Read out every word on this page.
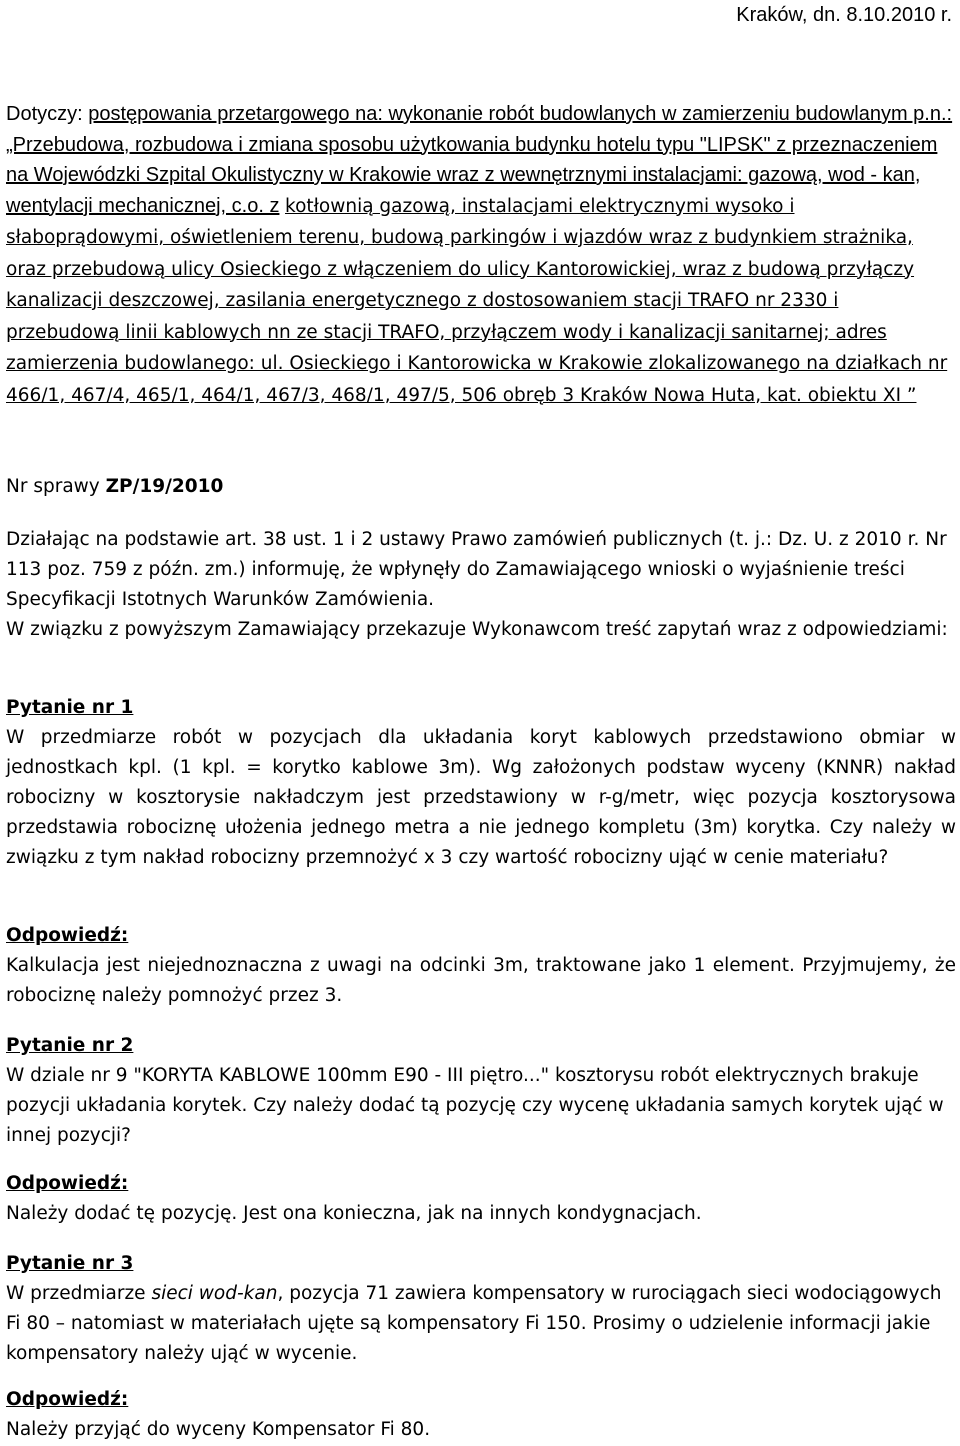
Kraków, dn. 8.10.2010 r.
Dotyczy: postępowania przetargowego na: wykonanie robót budowlanych w zamierzeniu budowlanym p.n.: „Przebudowa, rozbudowa i zmiana sposobu użytkowania budynku hotelu typu "LIPSK" z przeznaczeniem na Wojewódzki Szpital Okulistyczny w Krakowie wraz z wewnętrznymi instalacjami: gazową, wod - kan, wentylacji mechanicznej, c.o. z kotłownią gazową, instalacjami elektrycznymi wysoko i słaboprądowymi, oświetleniem terenu, budową parkingów i wjazdów wraz z budynkiem strażnika, oraz przebudową ulicy Osieckiego z włączeniem do ulicy Kantorowickiej, wraz z budową przyłączy kanalizacji deszczowej, zasilania energetycznego z dostosowaniem stacji TRAFO nr 2330 i przebudową linii kablowych nn ze stacji TRAFO, przyłączem wody i kanalizacji sanitarnej; adres zamierzenia budowlanego: ul. Osieckiego i Kantorowicka w Krakowie zlokalizowanego na działkach nr 466/1, 467/4, 465/1, 464/1, 467/3, 468/1, 497/5, 506 obręb 3 Kraków Nowa Huta, kat. obiektu XI ”
Nr sprawy ZP/19/2010

Działając na podstawie art. 38 ust. 1 i 2 ustawy Prawo zamówień publicznych (t. j.: Dz. U. z 2010 r. Nr 113 poz. 759 z późn. zm.) informuję, że wpłynęły do Zamawiającego wnioski o wyjaśnienie treści Specyfikacji Istotnych Warunków Zamówienia.

W związku z powyższym Zamawiający przekazuje Wykonawcom treść zapytań wraz z odpowiedziami:

Pytanie nr 1

W przedmiarze robót w pozycjach dla układania koryt kablowych przedstawiono obmiar w jednostkach kpl. (1 kpl. = korytko kablowe 3m). Wg założonych podstaw wyceny (KNNR) nakład robocizny w kosztorysie nakładczym jest przedstawiony w r-g/metr, więc pozycja kosztorysowa przedstawia robociznę ułożenia jednego metra a nie jednego kompletu (3m) korytka. Czy należy w związku z tym nakład robocizny przemnożyć x 3 czy wartość robocizny ująć w cenie materiału?

Odpowiedź:

Kalkulacja jest niejednoznaczna z uwagi na odcinki 3m, traktowane jako 1 element. Przyjmujemy, że robociznę należy pomnożyć przez 3.

Pytanie nr 2

W dziale nr 9 "KORYTA KABLOWE 100mm E90 - III piętro..." kosztorysu robót elektrycznych brakuje pozycji układania korytek. Czy należy dodać tą pozycję czy wycenę układania samych korytek ująć w innej pozycji?

Odpowiedź:

Należy dodać tę pozycję. Jest ona konieczna, jak na innych kondygnacjach.

Pytanie nr 3

W przedmiarze sieci wod-kan, pozycja 71 zawiera kompensatory w rurociągach sieci wodociągowych Fi 80 – natomiast w materiałach ujęte są kompensatory Fi 150. Prosimy o udzielenie informacji jakie kompensatory należy ująć w wycenie.

Odpowiedź:

Należy przyjąć do wyceny Kompensator Fi 80.
